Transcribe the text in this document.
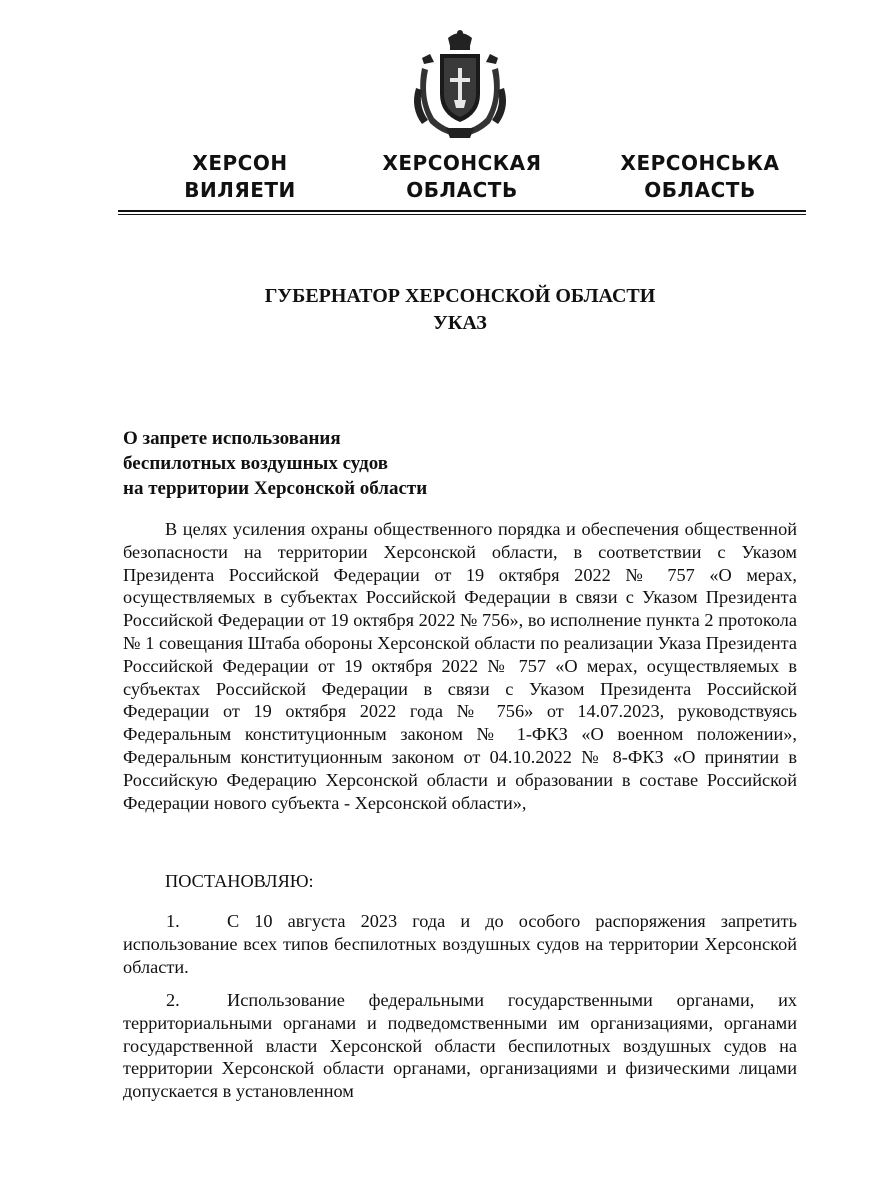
ХЕРСОН
ВИЛЯЕТИ
ХЕРСОНСКАЯ
ОБЛАСТЬ
ХЕРСОНСЬКА
ОБЛАСТЬ
ГУБЕРНАТОР ХЕРСОНСКОЙ ОБЛАСТИ
УКАЗ
О запрете использования
беспилотных воздушных судов
на территории Херсонской области
В целях усиления охраны общественного порядка и обеспечения общественной безопасности на территории Херсонской области, в соответствии с Указом Президента Российской Федерации от 19 октября 2022 № 757 «О мерах, осуществляемых в субъектах Российской Федерации в связи с Указом Президента Российской Федерации от 19 октября 2022 № 756», во исполнение пункта 2 протокола № 1 совещания Штаба обороны Херсонской области по реализации Указа Президента Российской Федерации от 19 октября 2022 № 757 «О мерах, осуществляемых в субъектах Российской Федерации в связи с Указом Президента Российской Федерации от 19 октября 2022 года № 756» от 14.07.2023, руководствуясь Федеральным конституционным законом № 1-ФКЗ «О военном положении», Федеральным конституционным законом от 04.10.2022 № 8-ФКЗ «О принятии в Российскую Федерацию Херсонской области и образовании в составе Российской Федерации нового субъекта - Херсонской области»,
ПОСТАНОВЛЯЮ:
1.	С 10 августа 2023 года и до особого распоряжения запретить использование всех типов беспилотных воздушных судов на территории Херсонской области.
2.	Использование федеральными государственными органами, их территориальными органами и подведомственными им организациями, органами государственной власти Херсонской области беспилотных воздушных судов на территории Херсонской области органами, организациями и физическими лицами допускается в установленном
